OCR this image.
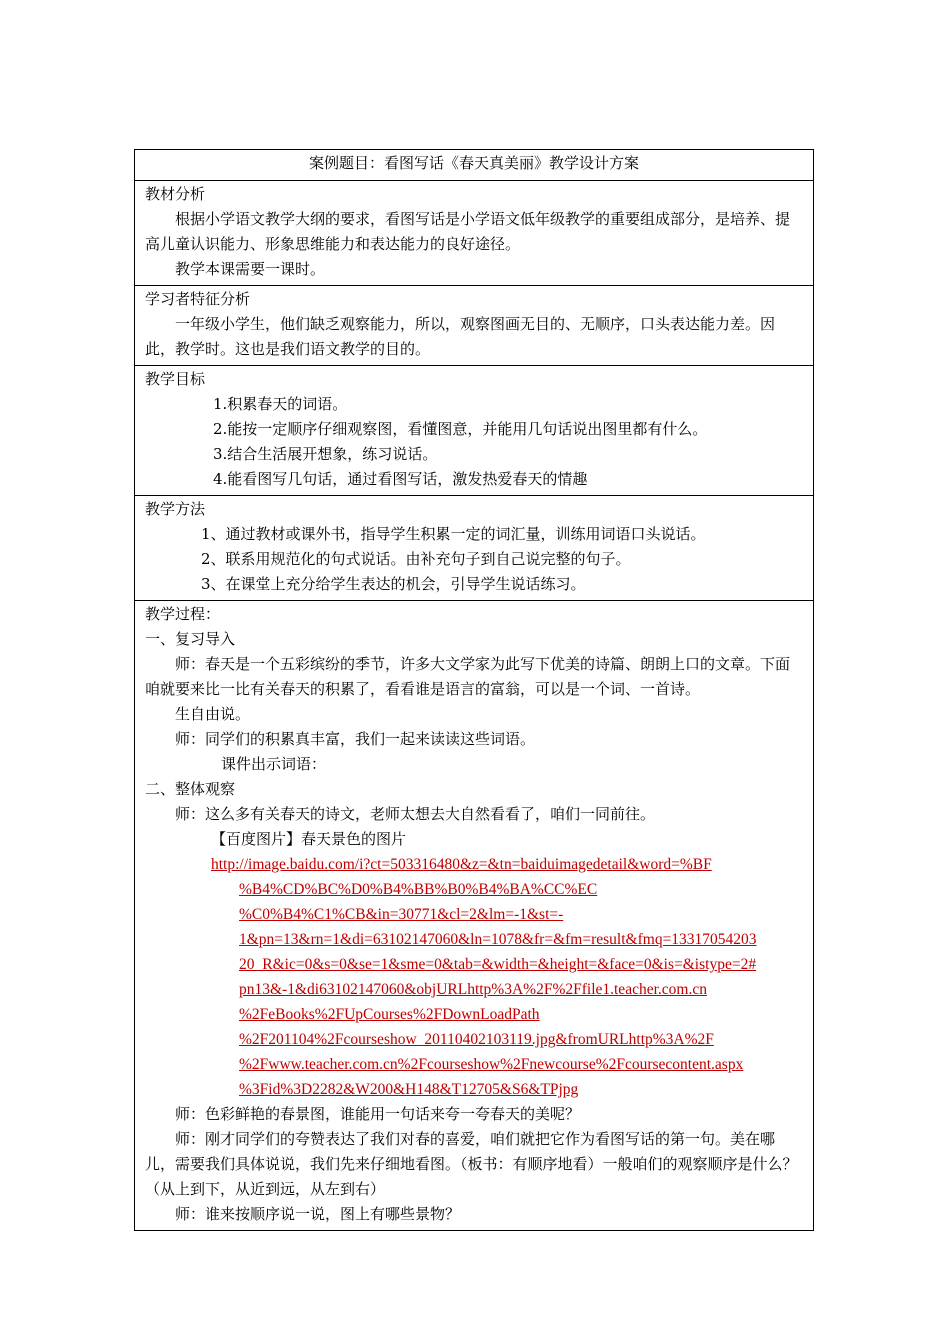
案例题目：看图写话《春天真美丽》教学设计方案

教材分析
根据小学语文教学大纲的要求，看图写话是小学语文低年级教学的重要组成部分，是培养、提高儿童认识能力、形象思维能力和表达能力的良好途径。
教学本课需要一课时。

学习者特征分析
一年级小学生，他们缺乏观察能力，所以，观察图画无目的、无顺序，口头表达能力差。因此，教学时。这也是我们语文教学的目的。

教学目标
1.积累春天的词语。
2.能按一定顺序仔细观察图，看懂图意，并能用几句话说出图里都有什么。
3.结合生活展开想象，练习说话。
4.能看图写几句话，通过看图写话，激发热爱春天的情趣

教学方法
1、通过教材或课外书，指导学生积累一定的词汇量，训练用词语口头说话。
2、联系用规范化的句式说话。由补充句子到自己说完整的句子。
3、在课堂上充分给学生表达的机会，引导学生说话练习。

教学过程：
一、复习导入
师：春天是一个五彩缤纷的季节，许多大文学家为此写下优美的诗篇、朗朗上口的文章。下面咱就要来比一比有关春天的积累了，看看谁是语言的富翁，可以是一个词、一首诗。
生自由说。
师：同学们的积累真丰富，我们一起来读读这些词语。
课件出示词语：
二、整体观察
师：这么多有关春天的诗文，老师太想去大自然看看了，咱们一同前往。
【百度图片】春天景色的图片
http://image.baidu.com/i?ct=503316480&z=&tn=baiduimagedetail&word=%BF
%B4%CD%BC%D0%B4%BB%B0%B4%BA%CC%EC
%C0%B4%C1%CB&in=30771&cl=2&lm=-1&st=-
1&pn=13&rn=1&di=63102147060&ln=1078&fr=&fm=result&fmq=13317054203
20_R&ic=0&s=0&se=1&sme=0&tab=&width=&height=&face=0&is=&istype=2#
pn13&-1&di63102147060&objURLhttp%3A%2F%2Ffile1.teacher.com.cn
%2FeBooks%2FUpCourses%2FDownLoadPath
%2F201104%2Fcourseshow_20110402103119.jpg&fromURLhttp%3A%2F
%2Fwww.teacher.com.cn%2Fcourseshow%2Fnewcourse%2Fcoursecontent.aspx
%3Fid%3D2282&W200&H148&T12705&S6&TPjpg
师：色彩鲜艳的春景图，谁能用一句话来夸一夸春天的美呢？
师：刚才同学们的夸赞表达了我们对春的喜爱，咱们就把它作为看图写话的第一句。美在哪儿，需要我们具体说说，我们先来仔细地看图。（板书：有顺序地看）一般咱们的观察顺序是什么？（从上到下，从近到远，从左到右）
师：谁来按顺序说一说，图上有哪些景物？
